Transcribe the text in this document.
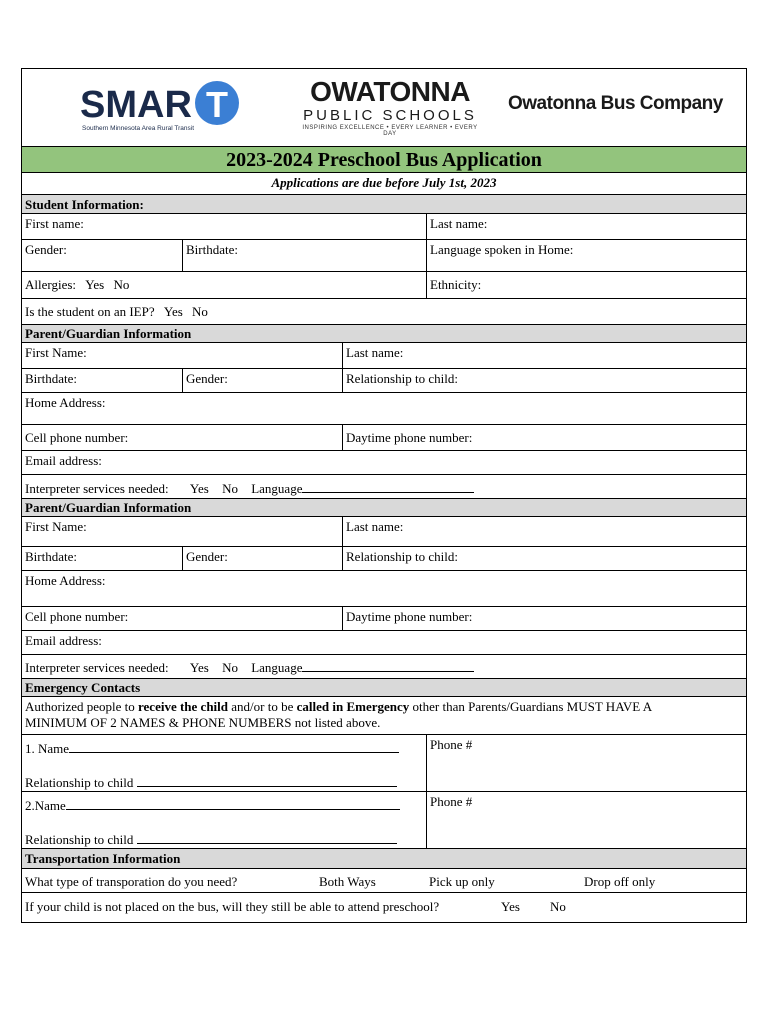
SMAR T
Southern Minnesota Area Rural Transit
OWATONNA
PUBLIC SCHOOLS
INSPIRING EXCELLENCE • EVERY LEARNER • EVERY DAY
Owatonna Bus Company
2023-2024 Preschool Bus Application
Applications are due before July 1st, 2023
Student Information:
First name:	Last name:
Gender:	Birthdate:	Language spoken in Home:
Allergies: Yes No	Ethnicity:
Is the student on an IEP? Yes No
Parent/Guardian Information
First Name:	Last name:
Birthdate:	Gender:	Relationship to child:
Home Address:
Cell phone number:	Daytime phone number:
Email address:
Interpreter services needed: Yes No Language
Parent/Guardian Information
First Name:	Last name:
Birthdate:	Gender:	Relationship to child:
Home Address:
Cell phone number:	Daytime phone number:
Email address:
Interpreter services needed: Yes No Language
Emergency Contacts
Authorized people to receive the child and/or to be called in Emergency other than Parents/Guardians MUST HAVE A
MINIMUM OF 2 NAMES & PHONE NUMBERS not listed above.
1. Name
Relationship to child
Phone #
2.Name
Relationship to child
Phone #
Transportation Information
What type of transporation do you need?	Both Ways	Pick up only	Drop off only
If your child is not placed on the bus, will they still be able to attend preschool?	Yes No
